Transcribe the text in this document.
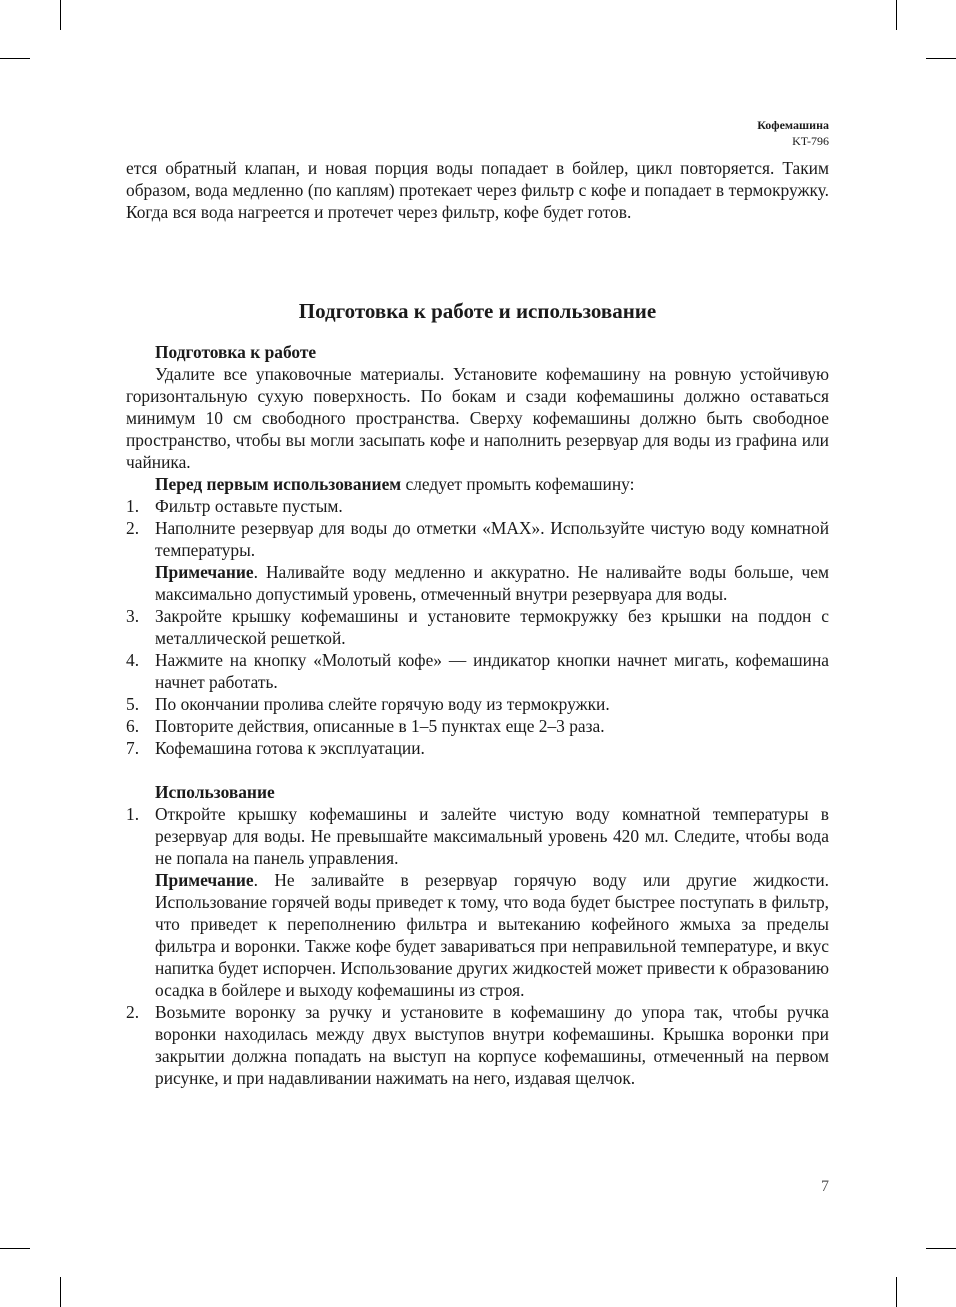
Кофемашина
KT-796

ется обратный клапан, и новая порция воды попадает в бойлер, цикл повторяется. Таким образом, вода медленно (по каплям) протекает через фильтр с кофе и попадает в термокружку. Когда вся вода нагреется и протечет через фильтр, кофе будет готов.

Подготовка к работе и использование
Подготовка к работе

Удалите все упаковочные материалы. Установите кофемашину на ровную устойчивую горизонтальную сухую поверхность. По бокам и сзади кофемашины должно оставаться минимум 10 см свободного пространства. Сверху кофемашины должно быть свободное пространство, чтобы вы могли засыпать кофе и наполнить резервуар для воды из графина или чайника.

Перед первым использованием следует промыть кофемашину:

1. Фильтр оставьте пустым.
2. Наполните резервуар для воды до отметки «MAX». Используйте чистую воду комнатной температуры.

Примечание. Наливайте воду медленно и аккуратно. Не наливайте воды больше, чем максимально допустимый уровень, отмеченный внутри резервуара для воды.

3. Закройте крышку кофемашины и установите термокружку без крышки на поддон с металлической решеткой.
4. Нажмите на кнопку «Молотый кофе» — индикатор кнопки начнет мигать, кофемашина начнет работать.
5. По окончании пролива слейте горячую воду из термокружки.
6. Повторите действия, описанные в 1–5 пунктах еще 2–3 раза.
7. Кофемашина готова к эксплуатации.
Использование
1. Откройте крышку кофемашины и залейте чистую воду комнатной температуры в резервуар для воды. Не превышайте максимальный уровень 420 мл. Следите, чтобы вода не попала на панель управления.

Примечание. Не заливайте в резервуар горячую воду или другие жидкости. Использование горячей воды приведет к тому, что вода будет быстрее поступать в фильтр, что приведет к переполнению фильтра и вытеканию кофейного жмыха за пределы фильтра и воронки. Также кофе будет завариваться при неправильной температуре, и вкус напитка будет испорчен. Использование других жидкостей может привести к образованию осадка в бойлере и выходу кофемашины из строя.

2. Возьмите воронку за ручку и установите в кофемашину до упора так, чтобы ручка воронки находилась между двух выступов внутри кофемашины. Крышка воронки при закрытии должна попадать на выступ на корпусе кофемашины, отмеченный на первом рисунке, и при надавливании нажимать на него, издавая щелчок.
7
